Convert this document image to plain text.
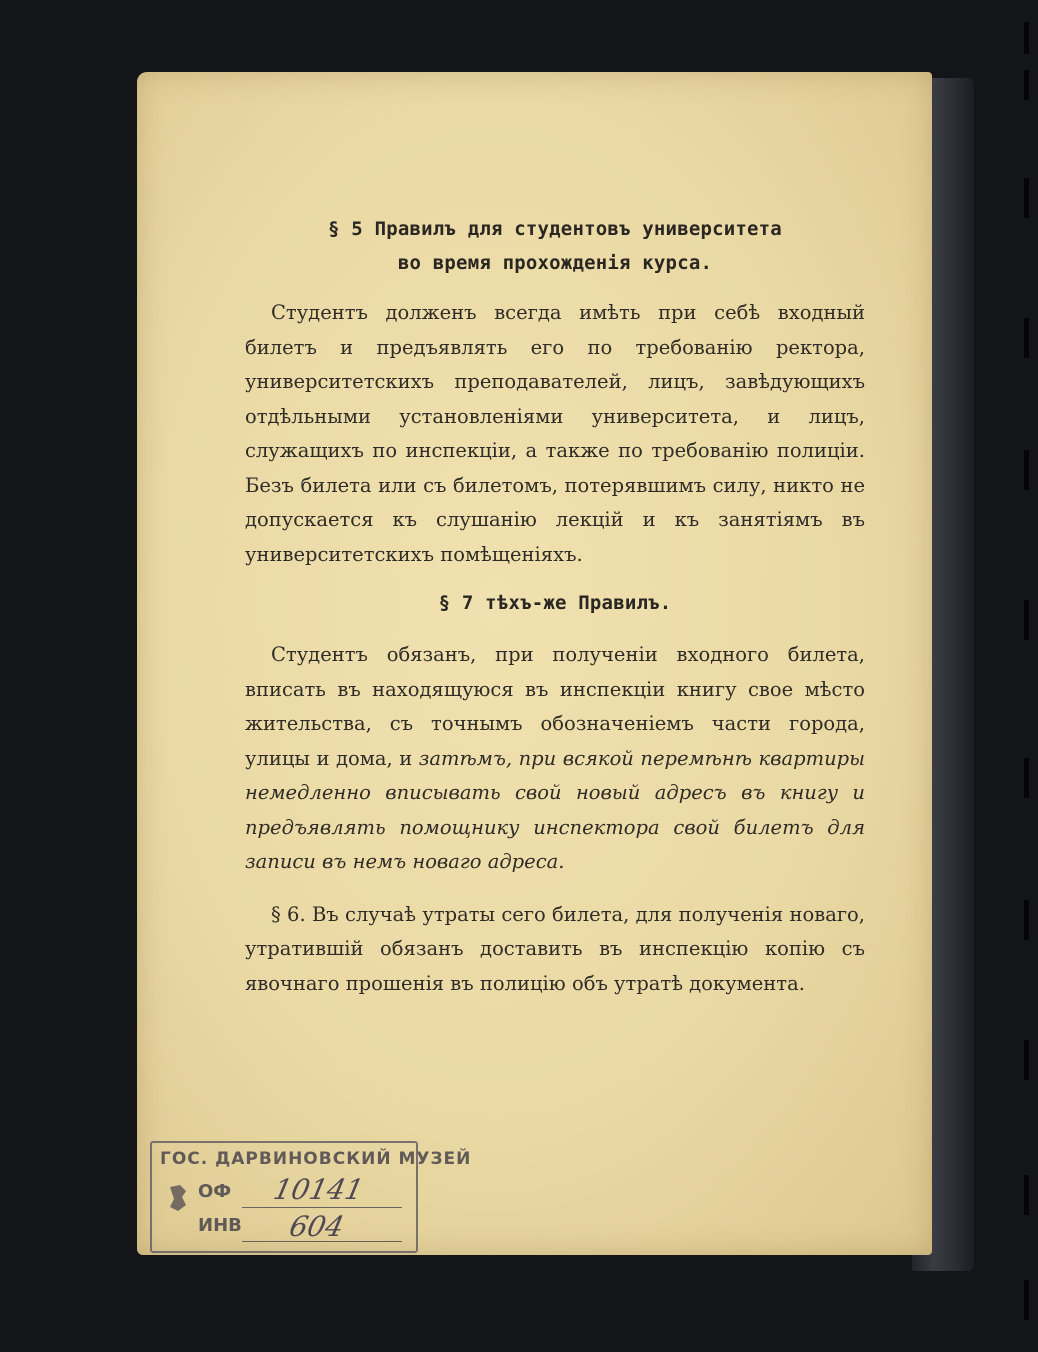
§ 5 Правилъ для студентовъ университета
во время прохожденія курса.

Студентъ долженъ всегда имѣть при себѣ входный билетъ и предъявлять его по требованію ректора, университетскихъ преподавателей, лицъ, завѣдующихъ отдѣльными установленіями университета, и лицъ, служащихъ по инспекціи, а также по требованію полиціи. Безъ билета или съ билетомъ, потерявшимъ силу, никто не допускается къ слушанію лекцій и къ занятіямъ въ университетскихъ помѣщеніяхъ.

§ 7 тѣхъ-же Правилъ.

Студентъ обязанъ, при полученіи входного билета, вписать въ находящуюся въ инспекціи книгу свое мѣсто жительства, съ точнымъ обозначеніемъ части города, улицы и дома, и затѣмъ, при всякой перемѣнѣ квартиры немедленно вписывать свой новый адресъ въ книгу и предъявлять помощнику инспектора свой билетъ для записи въ немъ новаго адреса.

§ 6. Въ случаѣ утраты сего билета, для полученія новаго, утратившій обязанъ доставить въ инспекцію копію съ явочнаго прошенія въ полицію объ утратѣ документа.

ГОС. ДАРВИНОВСКИЙ МУЗЕЙ
ОФ 10141
ИНВ 604
